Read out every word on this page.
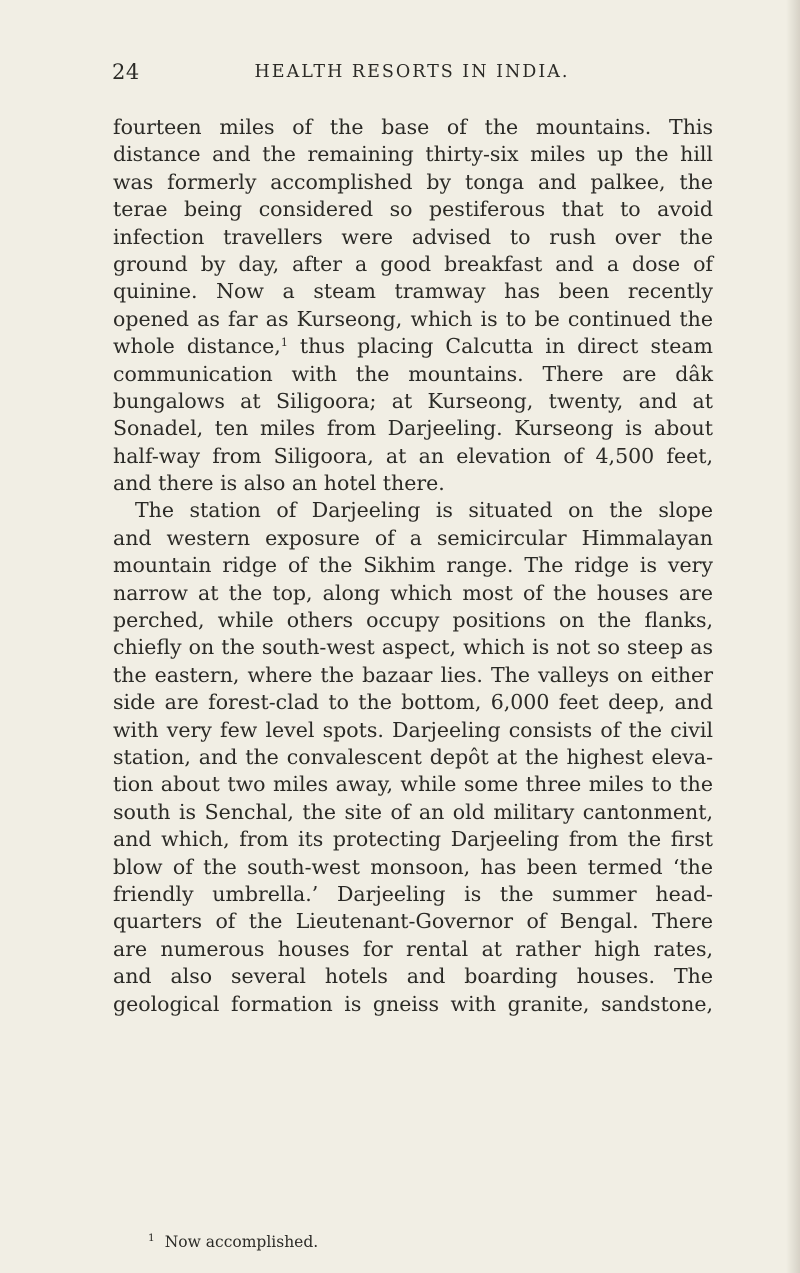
24	HEALTH RESORTS IN INDIA.
fourteen miles of the base of the mountains. This
distance and the remaining thirty-six miles up the hill
was formerly accomplished by tonga and palkee, the
terae being considered so pestiferous that to avoid
infection travellers were advised to rush over the
ground by day, after a good breakfast and a dose of
quinine. Now a steam tramway has been recently
opened as far as Kurseong, which is to be continued the
whole distance,$^1$ thus placing Calcutta in direct steam
communication with the mountains. There are dâk
bungalows at Siligoora; at Kurseong, twenty, and at
Sonadel, ten miles from Darjeeling. Kurseong is about
half-way from Siligoora, at an elevation of 4,500 feet,
and there is also an hotel there.
The station of Darjeeling is situated on the slope
and western exposure of a semicircular Himmalayan
mountain ridge of the Sikhim range. The ridge is very
narrow at the top, along which most of the houses are
perched, while others occupy positions on the flanks,
chiefly on the south-west aspect, which is not so steep as
the eastern, where the bazaar lies. The valleys on either
side are forest-clad to the bottom, 6,000 feet deep, and
with very few level spots. Darjeeling consists of the civil
station, and the convalescent depôt at the highest eleva-
tion about two miles away, while some three miles to the
south is Senchal, the site of an old military cantonment,
and which, from its protecting Darjeeling from the first
blow of the south-west monsoon, has been termed ‘the
friendly umbrella.’ Darjeeling is the summer head-
quarters of the Lieutenant-Governor of Bengal. There
are numerous houses for rental at rather high rates,
and also several hotels and boarding houses. The
geological formation is gneiss with granite, sandstone,
$^1$ Now accomplished.
